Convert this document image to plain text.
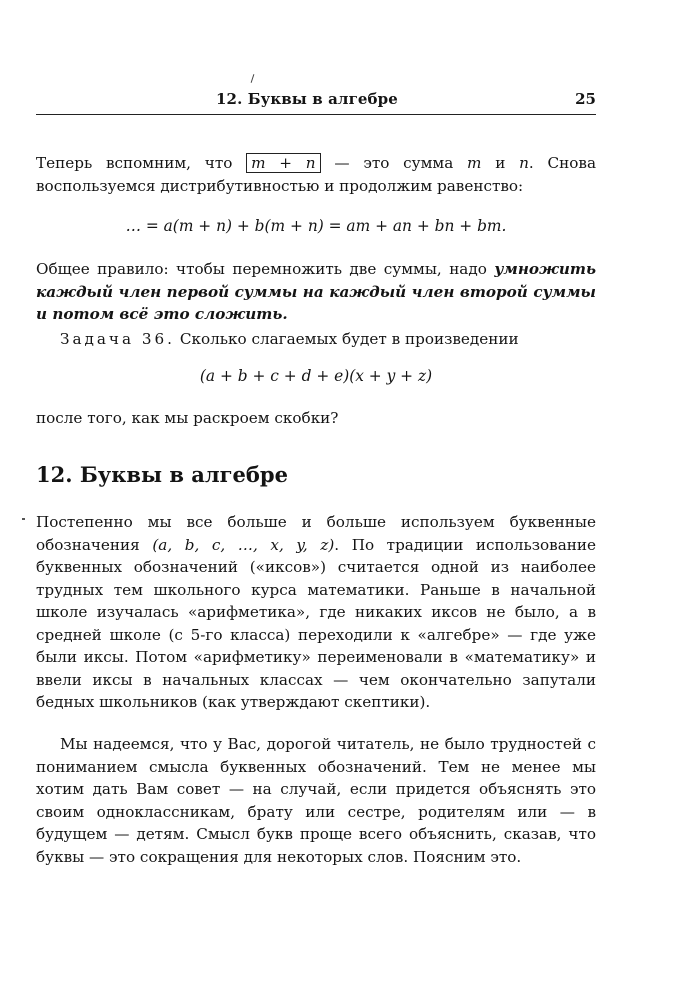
12. Буквы в алгебре	25

Теперь вспомним, что m + n — это сумма m и n. Снова воспользуемся дистрибутивностью и продолжим равенство:

… = a(m + n) + b(m + n) = am + an + bn + bm.

Общее правило: чтобы перемножить две суммы, надо умножить каждый член первой суммы на каждый член второй суммы и потом всё это сложить.

Задача 36. Сколько слагаемых будет в произведении

(a + b + c + d + e)(x + y + z)

после того, как мы раскроем скобки?

12. Буквы в алгебре

Постепенно мы все больше и больше используем буквенные обозначения (a, b, c, …, x, y, z). По традиции использование буквенных обозначений («иксов») считается одной из наиболее трудных тем школьного курса математики. Раньше в начальной школе изучалась «арифметика», где никаких иксов не было, а в средней школе (с 5-го класса) переходили к «алгебре» — где уже были иксы. Потом «арифметику» переименовали в «математику» и ввели иксы в начальных классах — чем окончательно запутали бедных школьников (как утверждают скептики).

Мы надеемся, что у Вас, дорогой читатель, не было трудностей с пониманием смысла буквенных обозначений. Тем не менее мы хотим дать Вам совет — на случай, если придется объяснять это своим одноклассникам, брату или сестре, родителям или — в будущем — детям. Смысл букв проще всего объяснить, сказав, что буквы — это сокращения для некоторых слов. Поясним это.
